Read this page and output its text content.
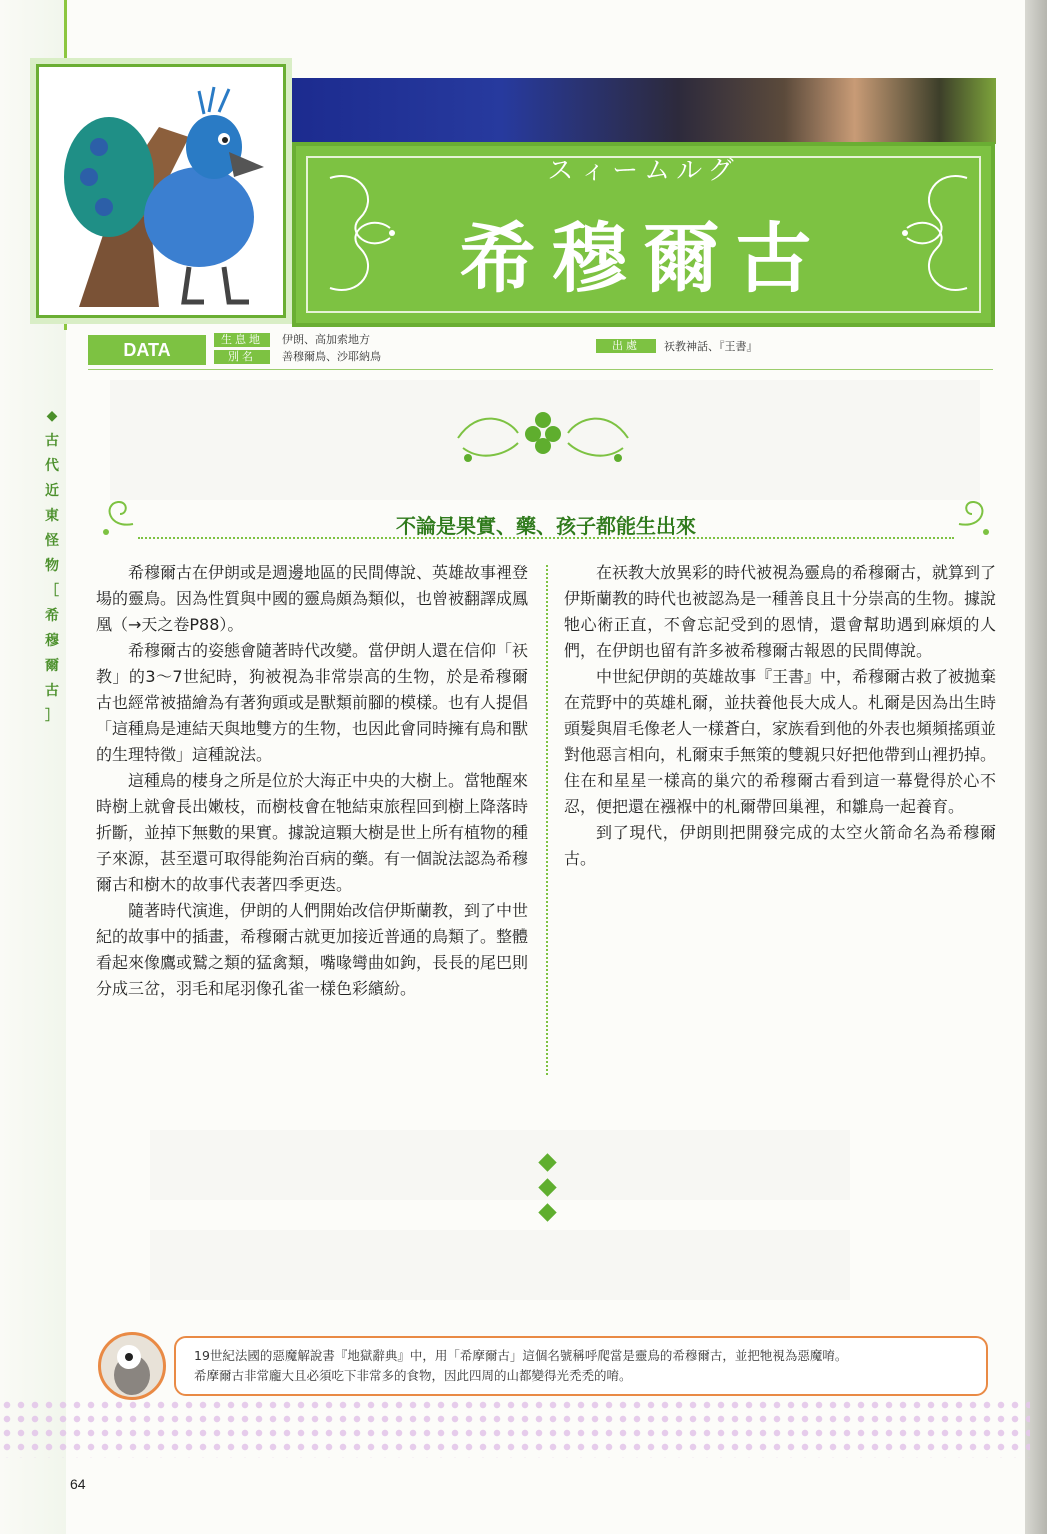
スィームルグ
希穆爾古
DATA
生息地	伊朗、高加索地方
別名	善穆爾鳥、沙耶納鳥
出處	祆教神話、『王書』
◆
古
代
近
東
怪
物
［
希
穆
爾
古
］
不論是果實、藥、孩子都能生出來

希穆爾古在伊朗或是週邊地區的民間傳說、英雄故事裡登場的靈鳥。因為性質與中國的靈鳥頗為類似，也曾被翻譯成鳳凰（→天之卷P88）。

希穆爾古的姿態會隨著時代改變。當伊朗人還在信仰「祆教」的3～7世紀時，狗被視為非常崇高的生物，於是希穆爾古也經常被描繪為有著狗頭或是獸類前腳的模樣。也有人提倡「這種鳥是連結天與地雙方的生物，也因此會同時擁有鳥和獸的生理特徵」這種說法。

這種鳥的棲身之所是位於大海正中央的大樹上。當牠醒來時樹上就會長出嫩枝，而樹枝會在牠結束旅程回到樹上降落時折斷，並掉下無數的果實。據說這顆大樹是世上所有植物的種子來源，甚至還可取得能夠治百病的藥。有一個說法認為希穆爾古和樹木的故事代表著四季更迭。

隨著時代演進，伊朗的人們開始改信伊斯蘭教，到了中世紀的故事中的插畫，希穆爾古就更加接近普通的鳥類了。整體看起來像鷹或鷲之類的猛禽類，嘴喙彎曲如鉤，長長的尾巴則分成三岔，羽毛和尾羽像孔雀一樣色彩繽紛。

在祆教大放異彩的時代被視為靈鳥的希穆爾古，就算到了伊斯蘭教的時代也被認為是一種善良且十分崇高的生物。據說牠心術正直，不會忘記受到的恩情，還會幫助遇到麻煩的人們，在伊朗也留有許多被希穆爾古報恩的民間傳說。

中世紀伊朗的英雄故事『王書』中，希穆爾古救了被拋棄在荒野中的英雄札爾，並扶養他長大成人。札爾是因為出生時頭髮與眉毛像老人一樣蒼白，家族看到他的外表也頻頻搖頭並對他惡言相向，札爾束手無策的雙親只好把他帶到山裡扔掉。住在和星星一樣高的巢穴的希穆爾古看到這一幕覺得於心不忍，便把還在襁褓中的札爾帶回巢裡，和雛鳥一起養育。

到了現代，伊朗則把開發完成的太空火箭命名為希穆爾古。

19世紀法國的惡魔解說書『地獄辭典』中，用「希摩爾古」這個名號稱呼爬當是靈鳥的希穆爾古，並把牠視為惡魔唷。
希摩爾古非常龐大且必須吃下非常多的食物，因此四周的山都變得光禿禿的唷。
64
